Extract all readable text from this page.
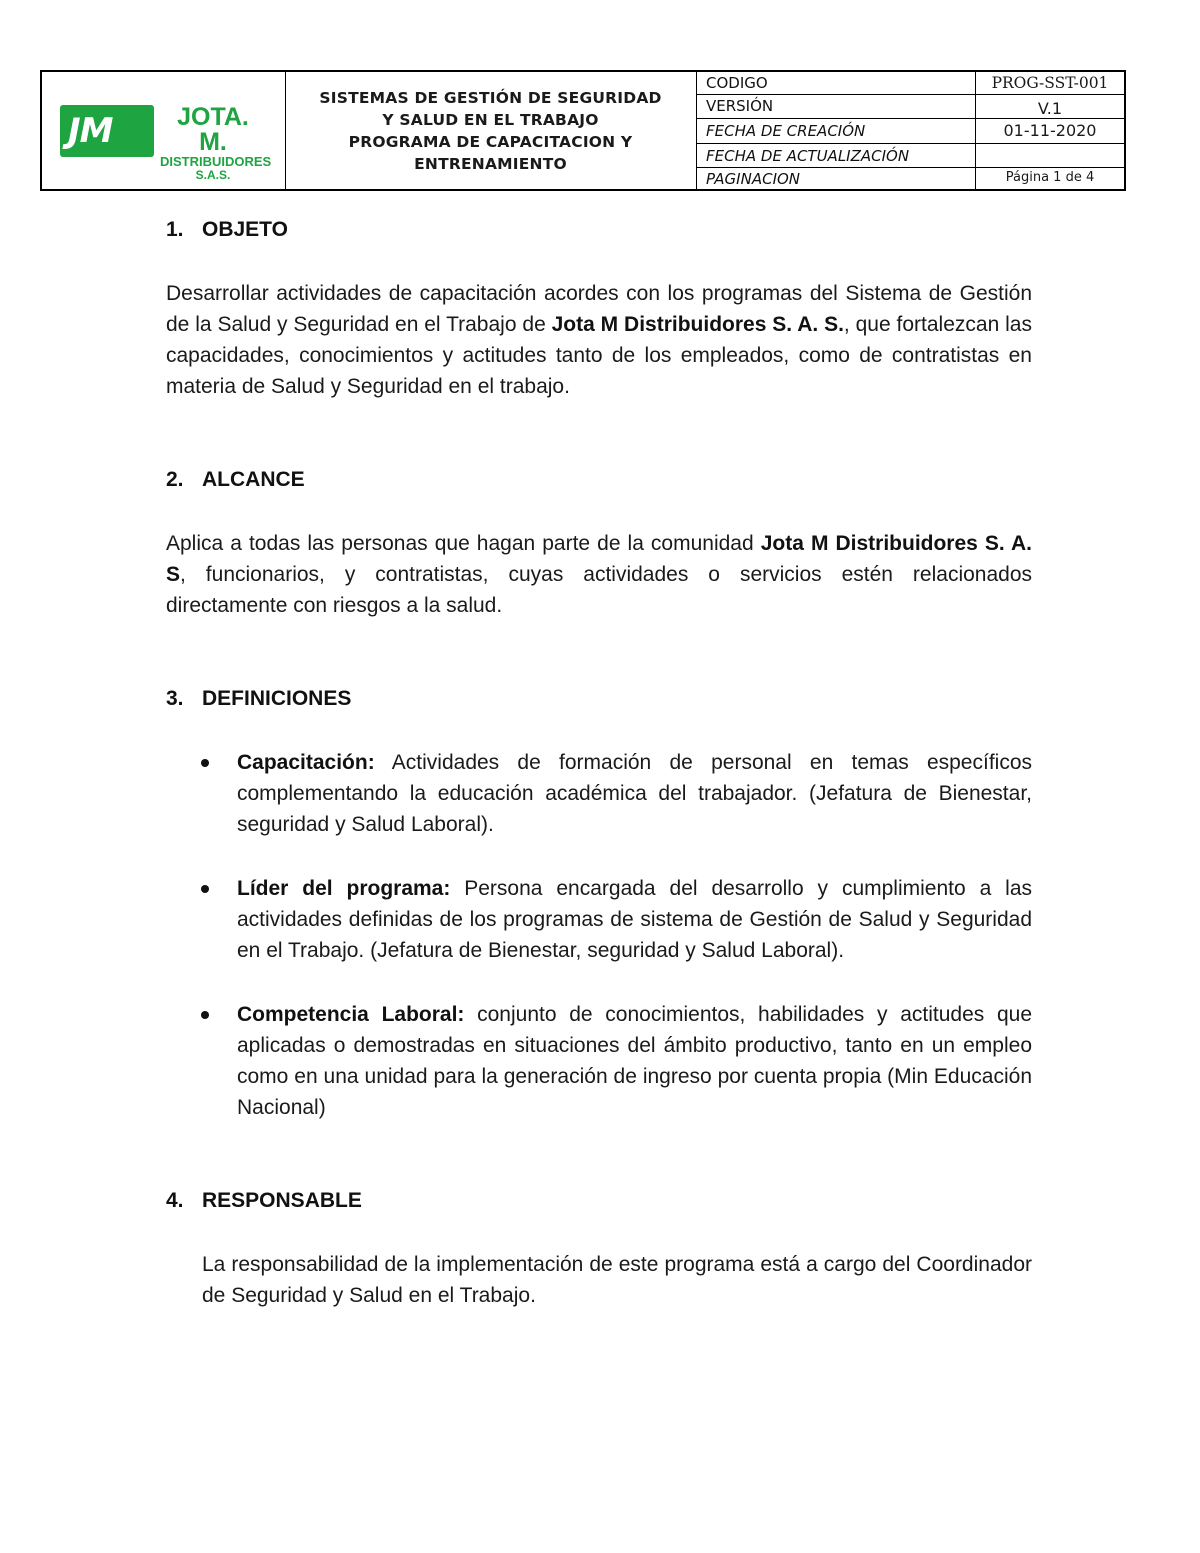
JM	JOTA. M.
DISTRIBUIDORES
S.A.S.
SISTEMAS DE GESTIÓN DE SEGURIDAD
Y SALUD EN EL TRABAJO
PROGRAMA DE CAPACITACION Y
ENTRENAMIENTO
CODIGO	PROG-SST-001
VERSIÓN	V.1
FECHA DE CREACIÓN	01-11-2020
FECHA DE ACTUALIZACIÓN
PAGINACION	Página 1 de 4

1. OBJETO

Desarrollar actividades de capacitación acordes con los programas del Sistema de Gestión de la Salud y Seguridad en el Trabajo de Jota M Distribuidores S. A. S., que fortalezcan las capacidades, conocimientos y actitudes tanto de los empleados, como de contratistas en materia de Salud y Seguridad en el trabajo.

2. ALCANCE

Aplica a todas las personas que hagan parte de la comunidad Jota M Distribuidores S. A. S, funcionarios, y contratistas, cuyas actividades o servicios estén relacionados directamente con riesgos a la salud.

3. DEFINICIONES

Capacitación: Actividades de formación de personal en temas específicos complementando la educación académica del trabajador. (Jefatura de Bienestar, seguridad y Salud Laboral).

Líder del programa: Persona encargada del desarrollo y cumplimiento a las actividades definidas de los programas de sistema de Gestión de Salud y Seguridad en el Trabajo. (Jefatura de Bienestar, seguridad y Salud Laboral).

Competencia Laboral: conjunto de conocimientos, habilidades y actitudes que aplicadas o demostradas en situaciones del ámbito productivo, tanto en un empleo como en una unidad para la generación de ingreso por cuenta propia (Min Educación Nacional)

4. RESPONSABLE

La responsabilidad de la implementación de este programa está a cargo del Coordinador de Seguridad y Salud en el Trabajo.
